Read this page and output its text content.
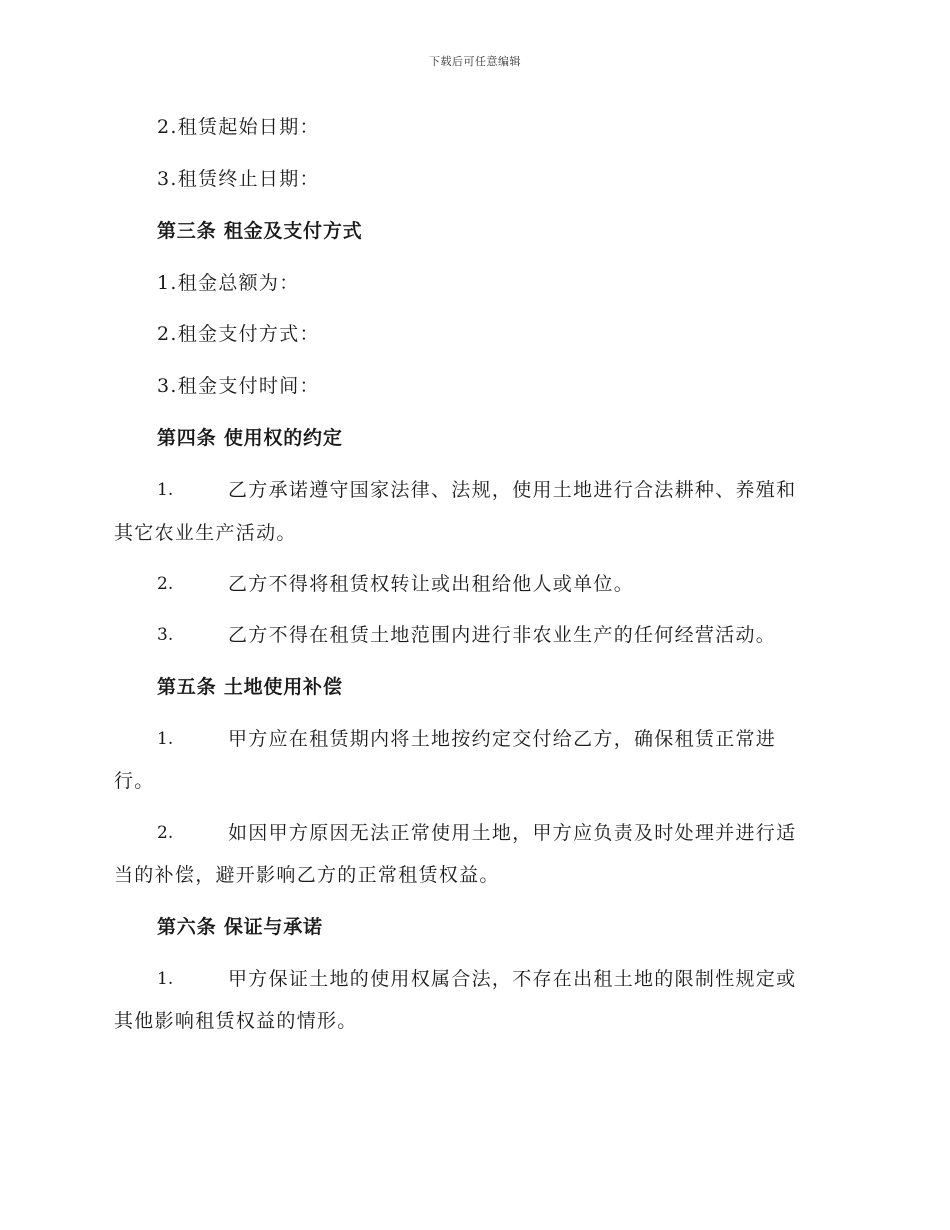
下载后可任意编辑
2.租赁起始日期：
3.租赁终止日期：
第三条 租金及支付方式
1.租金总额为：
2.租金支付方式：
3.租金支付时间：
第四条 使用权的约定
1.	乙方承诺遵守国家法律、法规，使用土地进行合法耕种、养殖和
其它农业生产活动。
2.	乙方不得将租赁权转让或出租给他人或单位。
3.	乙方不得在租赁土地范围内进行非农业生产的任何经营活动。
第五条 土地使用补偿
1.	甲方应在租赁期内将土地按约定交付给乙方，确保租赁正常进
行。
2.	如因甲方原因无法正常使用土地，甲方应负责及时处理并进行适
当的补偿，避开影响乙方的正常租赁权益。
第六条 保证与承诺
1.	甲方保证土地的使用权属合法，不存在出租土地的限制性规定或
其他影响租赁权益的情形。
